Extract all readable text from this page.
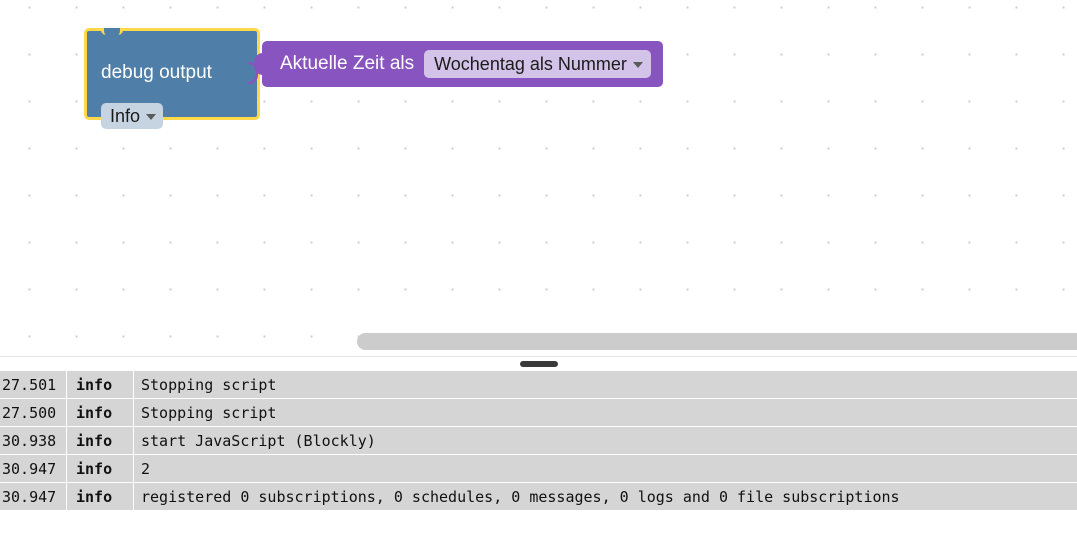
debug output
Info
Aktuelle Zeit als Wochentag als Nummer
27.501	info	Stopping script
27.500	info	Stopping script
30.938	info	start JavaScript (Blockly)
30.947	info	2
30.947	info	registered 0 subscriptions, 0 schedules, 0 messages, 0 logs and 0 file subscriptions
